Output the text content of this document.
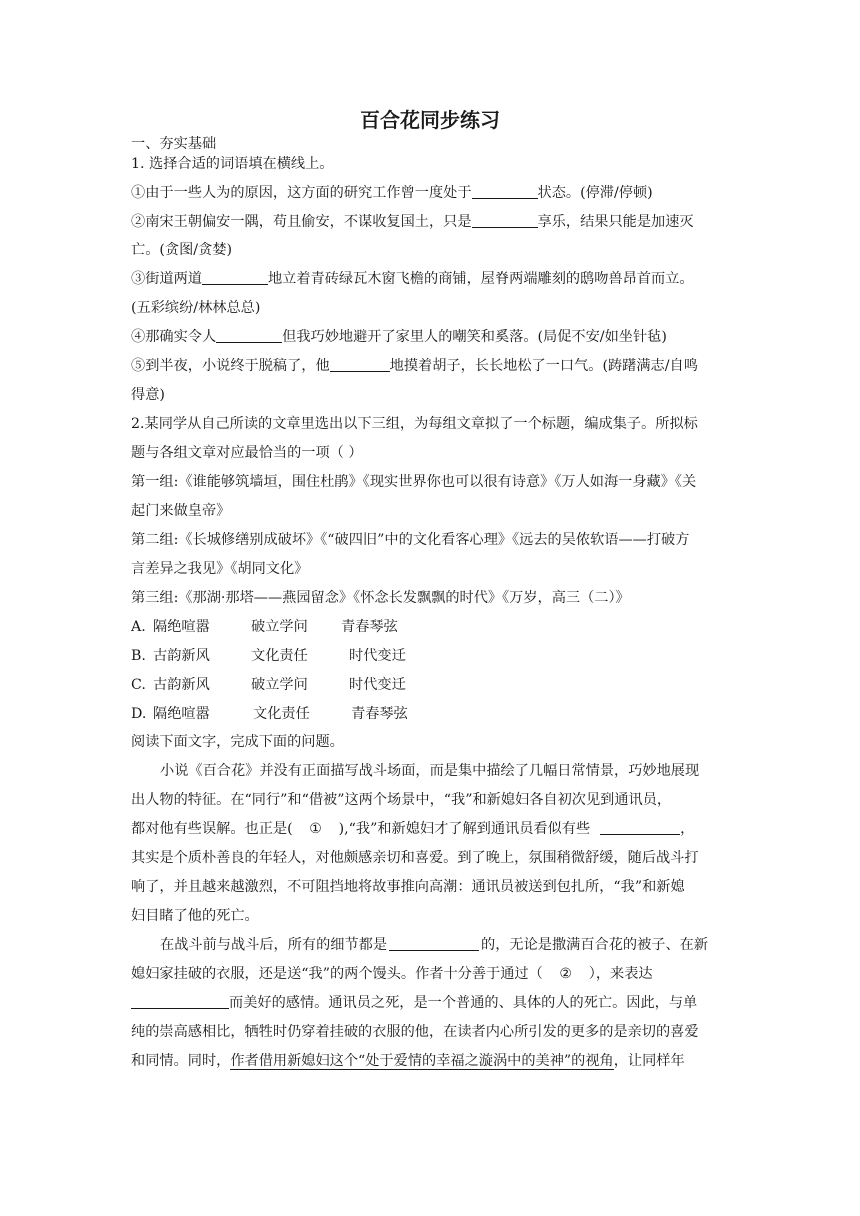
百合花同步练习
一、夯实基础
1. 选择合适的词语填在横线上。
①由于一些人为的原因，这方面的研究工作曾一度处于	状态。(停滞/停顿)
②南宋王朝偏安一隅，苟且偷安，不谋收复国土，只是	享乐，结果只能是加速灭
亡。(贪图/贪婪)
③街道两道	地立着青砖绿瓦木窗飞檐的商铺，屋脊两端雕刻的鸱吻兽昂首而立。
(五彩缤纷/林林总总)
④那确实令人	但我巧妙地避开了家里人的嘲笑和奚落。(局促不安/如坐针毡)
⑤到半夜，小说终于脱稿了，他	地摸着胡子，长长地松了一口气。(踌躇满志/自鸣
得意)
2.某同学从自己所读的文章里选出以下三组，为每组文章拟了一个标题，编成集子。所拟标
题与各组文章对应最恰当的一项（ ）
第一组:《谁能够筑墙垣，围住杜鹃》《现实世界你也可以很有诗意》《万人如海一身藏》《关
起门来做皇帝》
第二组:《长城修缮别成破坏》《“破四旧”中的文化看客心理》《远去的吴侬软语——打破方
言差异之我见》《胡同文化》
第三组:《那湖·那塔——燕园留念》《怀念长发飘飘的时代》《万岁，高三（二）》
A. 隔绝喧嚣	破立学问 青春琴弦
B. 古韵新风	文化责任	时代变迁
C. 古韵新风	破立学问	时代变迁
D. 隔绝喧嚣	文化责任	青春琴弦
阅读下面文字，完成下面的问题。
小说《百合花》并没有正面描写战斗场面，而是集中描绘了几幅日常情景，巧妙地展现
出人物的特征。在“同行”和“借被”这两个场景中，“我”和新媳妇各自初次见到通讯员，
都对他有些误解。也正是( ① ),“我”和新媳妇才了解到通讯员看似有些	，
其实是个质朴善良的年轻人，对他颇感亲切和喜爱。到了晚上，氛围稍微舒缓，随后战斗打
响了，并且越来越激烈，不可阻挡地将故事推向高潮：通讯员被送到包扎所，“我”和新媳
妇目睹了他的死亡。
在战斗前与战斗后，所有的细节都是	的，无论是撒满百合花的被子、在新
媳妇家挂破的衣服，还是送“我”的两个馒头。作者十分善于通过（ ② ），来表达
而美好的感情。通讯员之死，是一个普通的、具体的人的死亡。因此，与单
纯的崇高感相比，牺牲时仍穿着挂破的衣服的他，在读者内心所引发的更多的是亲切的喜爱
和同情。同时，作者借用新媳妇这个“处于爱情的幸福之漩涡中的美神”的视角，让同样年
